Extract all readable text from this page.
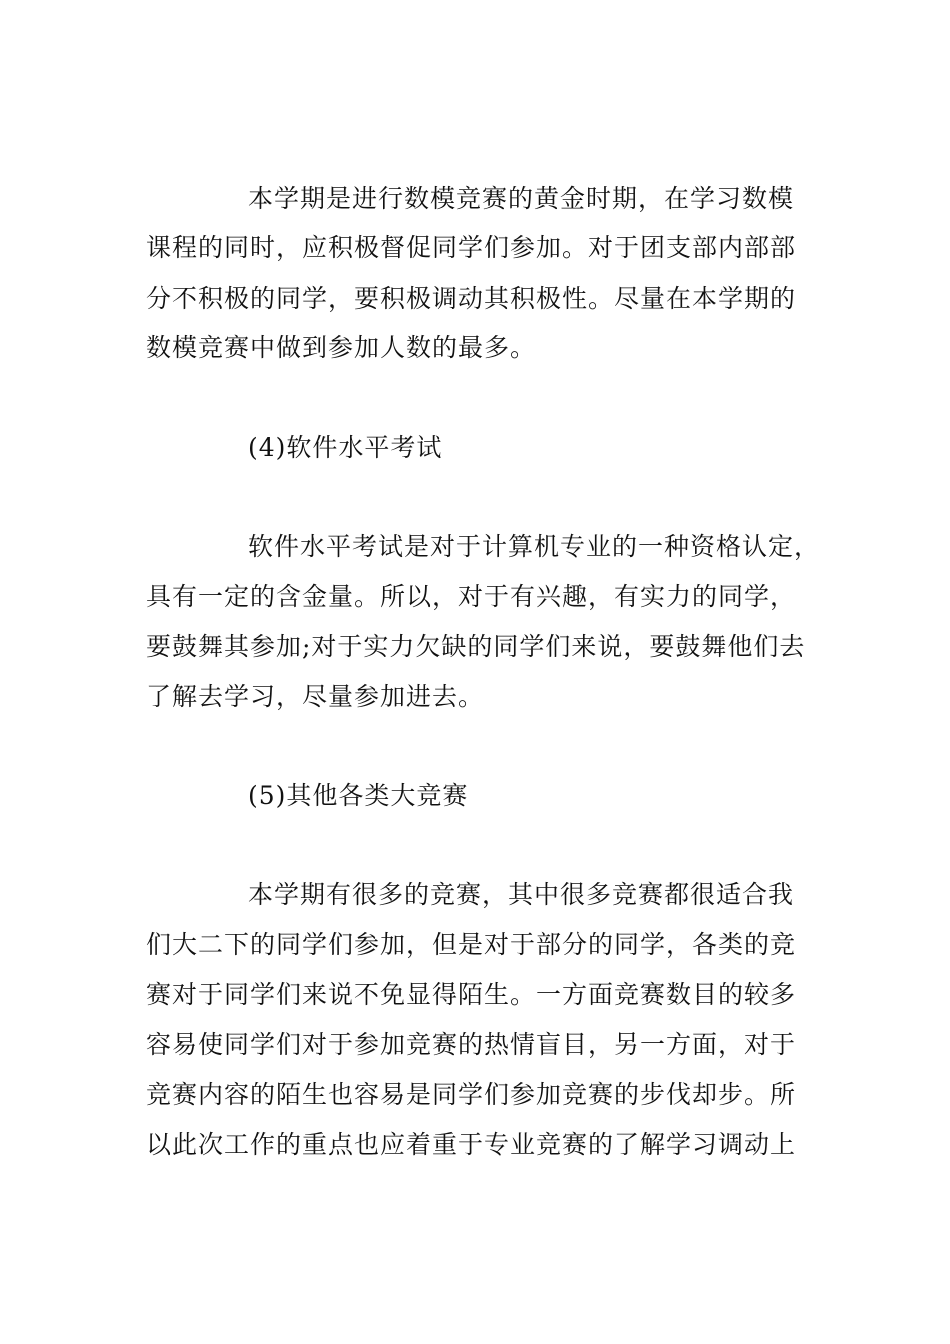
本学期是进行数模竞赛的黄金时期，在学习数模
课程的同时，应积极督促同学们参加。对于团支部内部部
分不积极的同学，要积极调动其积极性。尽量在本学期的
数模竞赛中做到参加人数的最多。
(4)软件水平考试
软件水平考试是对于计算机专业的一种资格认定，
具有一定的含金量。所以，对于有兴趣，有实力的同学，
要鼓舞其参加;对于实力欠缺的同学们来说，要鼓舞他们去
了解去学习，尽量参加进去。
(5)其他各类大竞赛
本学期有很多的竞赛，其中很多竞赛都很适合我
们大二下的同学们参加，但是对于部分的同学，各类的竞
赛对于同学们来说不免显得陌生。一方面竞赛数目的较多
容易使同学们对于参加竞赛的热情盲目，另一方面，对于
竞赛内容的陌生也容易是同学们参加竞赛的步伐却步。所
以此次工作的重点也应着重于专业竞赛的了解学习调动上
